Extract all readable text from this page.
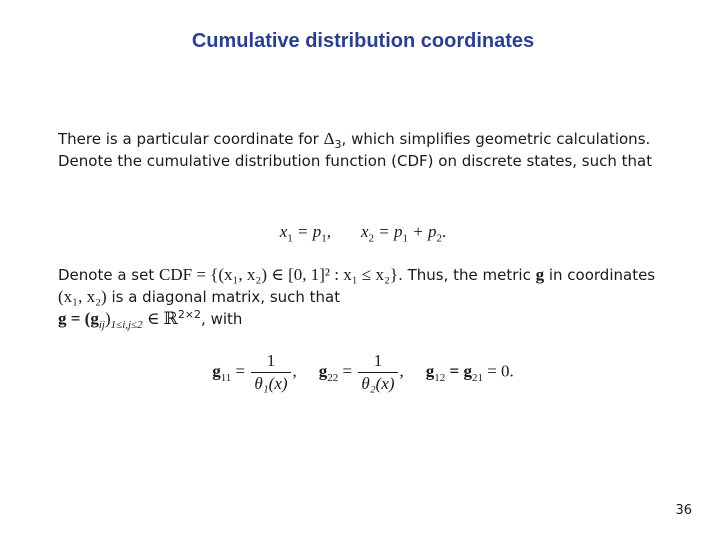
Cumulative distribution coordinates
There is a particular coordinate for $\Delta_3$, which simplifies geometric calculations. Denote the cumulative distribution function (CDF) on discrete states, such that
$x_1 = p_1$, $x_2 = p_1 + p_2$.
Denote a set CDF = {(x₁, x₂) ∈ [0, 1]² : x₁ ≤ x₂}. Thus, the metric g in coordinates (x₁, x₂) is a diagonal matrix, such that
$g = (g_{ij})_{1\le i,j\le 2}$ ∈ ℝ$^{2\times 2}$, with
$g_{11} = \frac{1}{\text{θ₁(x)}}$ , $g_{22} = \frac{1}{\text{θ₂(x)}}$ , $g_{12} = g_{21} = 0$.
36
